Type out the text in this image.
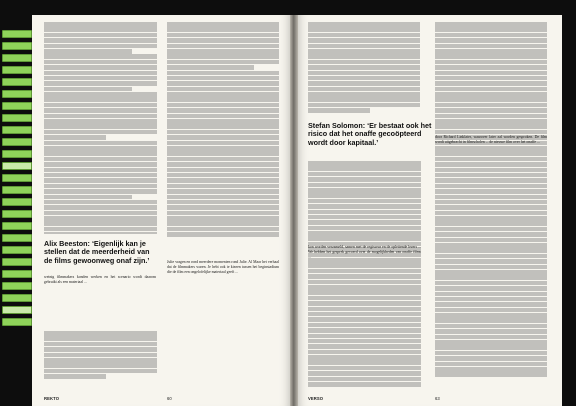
weinig filmmakers konden werken en het scenario wordt daarom gebruikt als een materiaal ...
Alix Beeston: ‘Eigenlijk kan je stellen dat de meerderheid van de films gewoonweg onaf zijn.’	Julie vragen en rond meerdere momenten rond Julie. Al Maar het verhaal dat de filmmakers waren. Je hebt ook te kiezen tussen het beginstadium die de film een ongelofelijke materiaal geeft ...
REKTO	60
Stefan Solomon: ‘Er bestaat ook het risico dat het onaffe gecoöpteerd wordt door kapitaal.’
kon worden verzameld, samen met de regisseur en de oplettende lezers ... We hebben het gesprek gevoerd over de mogelijkheden van onaffe films ...
door Richard Linklater, waarover later zal worden gesproken. De film wordt uitgebracht in filmscholen ... de nieuwe film over het onaffe ...
VERSO	63
